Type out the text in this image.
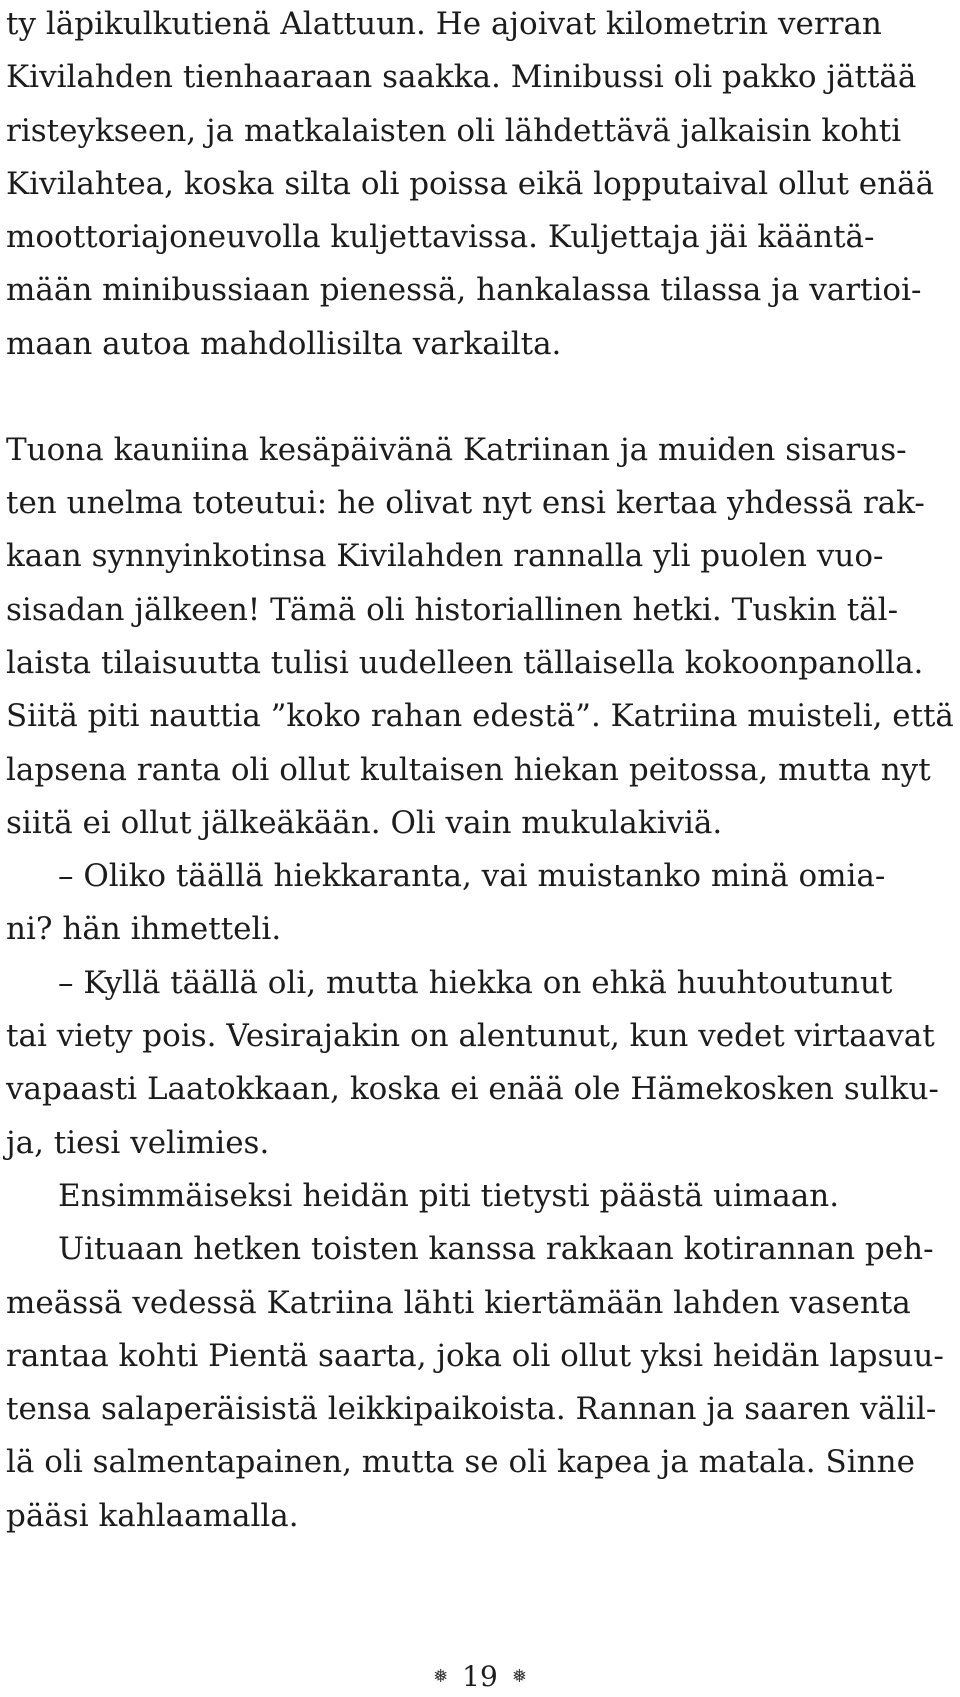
ty läpikulkutienä Alattuun. He ajoivat kilometrin verran
Kivilahden tienhaaraan saakka. Minibussi oli pakko jättää
risteykseen, ja matkalaisten oli lähdettävä jalkaisin kohti
Kivilahtea, koska silta oli poissa eikä lopputaival ollut enää
moottoriajoneuvolla kuljettavissa. Kuljettaja jäi kääntä-
mään minibussiaan pienessä, hankalassa tilassa ja vartioi-
maan autoa mahdollisilta varkailta.
Tuona kauniina kesäpäivänä Katriinan ja muiden sisarus-
ten unelma toteutui: he olivat nyt ensi kertaa yhdessä rak-
kaan synnyinkotinsa Kivilahden rannalla yli puolen vuo-
sisadan jälkeen! Tämä oli historiallinen hetki. Tuskin täl-
laista tilaisuutta tulisi uudelleen tällaisella kokoonpanolla.
Siitä piti nauttia ”koko rahan edestä”. Katriina muisteli, että
lapsena ranta oli ollut kultaisen hiekan peitossa, mutta nyt
siitä ei ollut jälkeäkään. Oli vain mukulakiviä.
– Oliko täällä hiekkaranta, vai muistanko minä omia-
ni? hän ihmetteli.
– Kyllä täällä oli, mutta hiekka on ehkä huuhtoutunut
tai viety pois. Vesirajakin on alentunut, kun vedet virtaavat
vapaasti Laatokkaan, koska ei enää ole Hämekosken sulku-
ja, tiesi velimies.
Ensimmäiseksi heidän piti tietysti päästä uimaan.
Uituaan hetken toisten kanssa rakkaan kotirannan peh-
meässä vedessä Katriina lähti kiertämään lahden vasenta
rantaa kohti Pientä saarta, joka oli ollut yksi heidän lapsuu-
tensa salaperäisistä leikkipaikoista. Rannan ja saaren välil-
lä oli salmentapainen, mutta se oli kapea ja matala. Sinne
pääsi kahlaamalla.
❅ 19 ❅
